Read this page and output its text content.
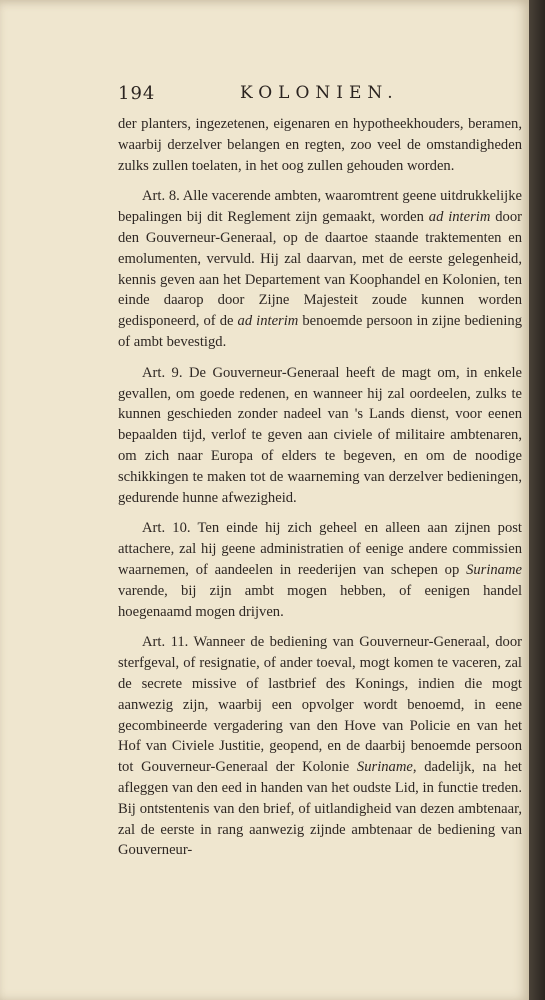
194	KOLONIEN.

der planters, ingezetenen, eigenaren en hypotheekhouders, beramen, waarbij derzelver belangen en regten, zoo veel de omstandigheden zulks zullen toelaten, in het oog zullen gehouden worden.

Art. 8. Alle vacerende ambten, waaromtrent geene uitdrukkelijke bepalingen bij dit Reglement zijn gemaakt, worden ad interim door den Gouverneur-Generaal, op de daartoe staande traktementen en emolumenten, vervuld. Hij zal daarvan, met de eerste gelegenheid, kennis geven aan het Departement van Koophandel en Kolonien, ten einde daarop door Zijne Majesteit zoude kunnen worden gedisponeerd, of de ad interim benoemde persoon in zijne bediening of ambt bevestigd.

Art. 9. De Gouverneur-Generaal heeft de magt om, in enkele gevallen, om goede redenen, en wanneer hij zal oordeelen, zulks te kunnen geschieden zonder nadeel van 's Lands dienst, voor eenen bepaalden tijd, verlof te geven aan civiele of militaire ambtenaren, om zich naar Europa of elders te begeven, en om de noodige schikkingen te maken tot de waarneming van derzelver bedieningen, gedurende hunne afwezigheid.

Art. 10. Ten einde hij zich geheel en alleen aan zijnen post attachere, zal hij geene administratien of eenige andere commissien waarnemen, of aandeelen in reederijen van schepen op Suriname varende, bij zijn ambt mogen hebben, of eenigen handel hoegenaamd mogen drijven.

Art. 11. Wanneer de bediening van Gouverneur-Generaal, door sterfgeval, of resignatie, of ander toeval, mogt komen te vaceren, zal de secrete missive of lastbrief des Konings, indien die mogt aanwezig zijn, waarbij een opvolger wordt benoemd, in eene gecombineerde vergadering van den Hove van Policie en van het Hof van Civiele Justitie, geopend, en de daarbij benoemde persoon tot Gouverneur-Generaal der Kolonie Suriname, dadelijk, na het afleggen van den eed in handen van het oudste Lid, in functie treden. Bij ontstentenis van den brief, of uitlandigheid van dezen ambtenaar, zal de eerste in rang aanwezig zijnde ambtenaar de bediening van Gouverneur-
